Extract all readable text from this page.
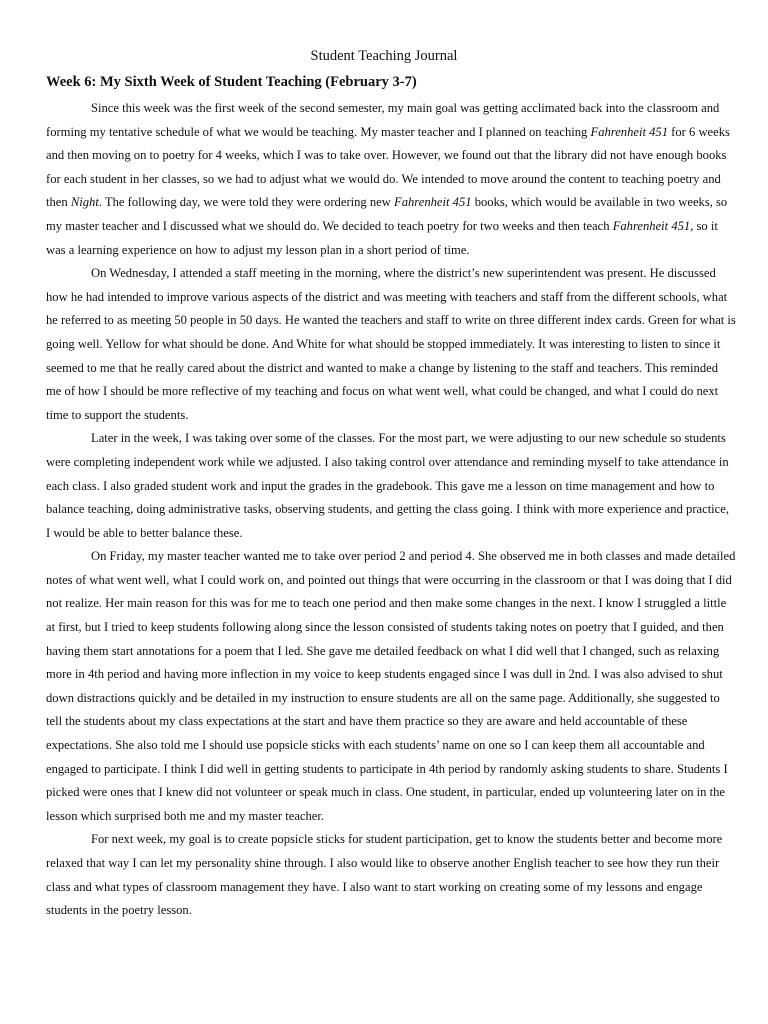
Student Teaching Journal
Week 6: My Sixth Week of Student Teaching (February 3-7)

Since this week was the first week of the second semester, my main goal was getting acclimated back into the classroom and forming my tentative schedule of what we would be teaching. My master teacher and I planned on teaching Fahrenheit 451 for 6 weeks and then moving on to poetry for 4 weeks, which I was to take over. However, we found out that the library did not have enough books for each student in her classes, so we had to adjust what we would do. We intended to move around the content to teaching poetry and then Night. The following day, we were told they were ordering new Fahrenheit 451 books, which would be available in two weeks, so my master teacher and I discussed what we should do. We decided to teach poetry for two weeks and then teach Fahrenheit 451, so it was a learning experience on how to adjust my lesson plan in a short period of time.

On Wednesday, I attended a staff meeting in the morning, where the district’s new superintendent was present. He discussed how he had intended to improve various aspects of the district and was meeting with teachers and staff from the different schools, what he referred to as meeting 50 people in 50 days. He wanted the teachers and staff to write on three different index cards. Green for what is going well. Yellow for what should be done. And White for what should be stopped immediately. It was interesting to listen to since it seemed to me that he really cared about the district and wanted to make a change by listening to the staff and teachers. This reminded me of how I should be more reflective of my teaching and focus on what went well, what could be changed, and what I could do next time to support the students.

Later in the week, I was taking over some of the classes. For the most part, we were adjusting to our new schedule so students were completing independent work while we adjusted. I also taking control over attendance and reminding myself to take attendance in each class. I also graded student work and input the grades in the gradebook. This gave me a lesson on time management and how to balance teaching, doing administrative tasks, observing students, and getting the class going. I think with more experience and practice, I would be able to better balance these.

On Friday, my master teacher wanted me to take over period 2 and period 4. She observed me in both classes and made detailed notes of what went well, what I could work on, and pointed out things that were occurring in the classroom or that I was doing that I did not realize. Her main reason for this was for me to teach one period and then make some changes in the next. I know I struggled a little at first, but I tried to keep students following along since the lesson consisted of students taking notes on poetry that I guided, and then having them start annotations for a poem that I led. She gave me detailed feedback on what I did well that I changed, such as relaxing more in 4th period and having more inflection in my voice to keep students engaged since I was dull in 2nd. I was also advised to shut down distractions quickly and be detailed in my instruction to ensure students are all on the same page. Additionally, she suggested to tell the students about my class expectations at the start and have them practice so they are aware and held accountable of these expectations. She also told me I should use popsicle sticks with each students’ name on one so I can keep them all accountable and engaged to participate. I think I did well in getting students to participate in 4th period by randomly asking students to share. Students I picked were ones that I knew did not volunteer or speak much in class. One student, in particular, ended up volunteering later on in the lesson which surprised both me and my master teacher.

For next week, my goal is to create popsicle sticks for student participation, get to know the students better and become more relaxed that way I can let my personality shine through. I also would like to observe another English teacher to see how they run their class and what types of classroom management they have. I also want to start working on creating some of my lessons and engage students in the poetry lesson.
